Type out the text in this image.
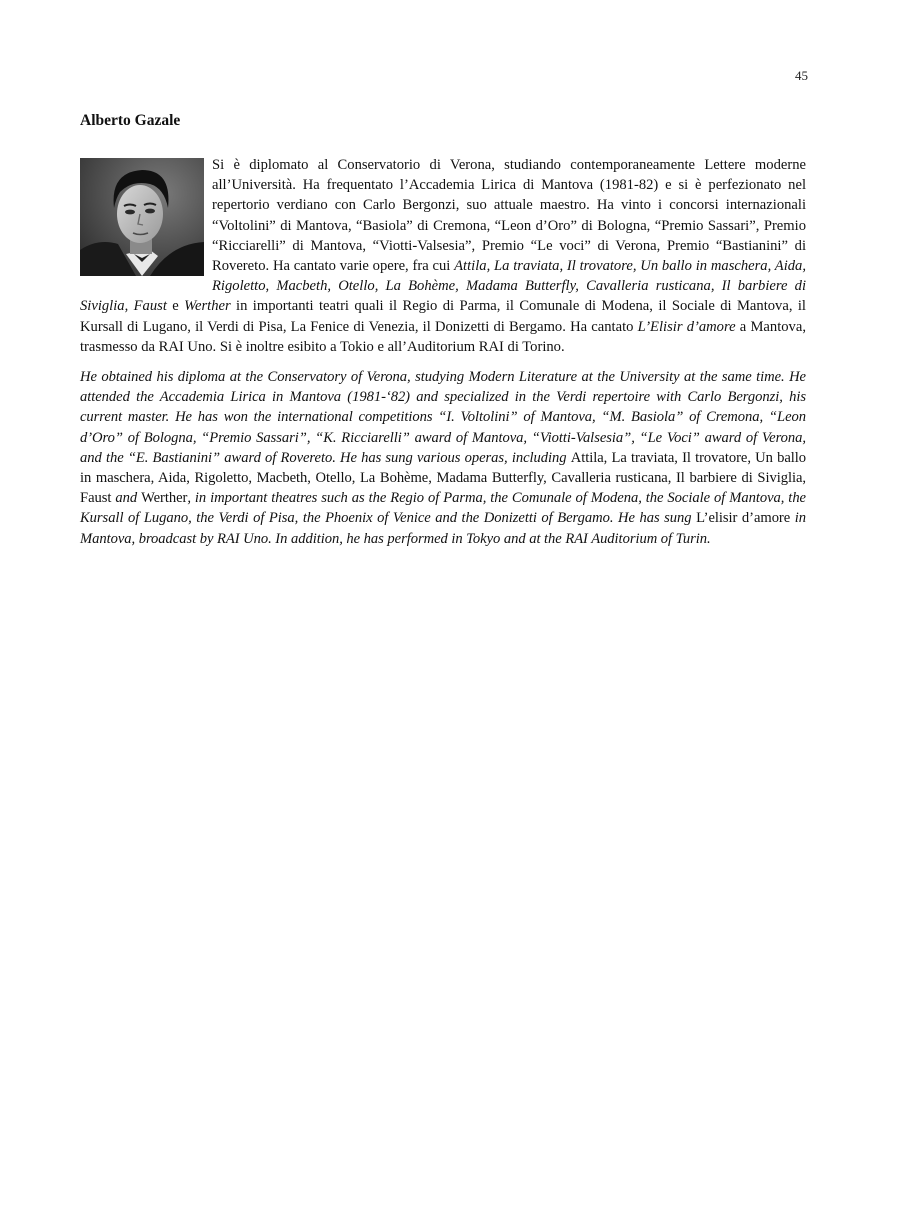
45
Alberto Gazale

Si è diplomato al Conservatorio di Verona, studiando contemporaneamente Lettere moderne all’Università. Ha frequentato l’Accademia Lirica di Mantova (1981-82) e si è perfezionato nel repertorio verdiano con Carlo Bergonzi, suo attuale maestro. Ha vinto i concorsi internazionali “Voltolini” di Mantova, “Basiola” di Cremona, “Leon d’Oro” di Bologna, “Premio Sassari”, Premio “Ricciarelli” di Mantova, “Viotti-Valsesia”, Premio “Le voci” di Verona, Premio “Bastianini” di Rovereto. Ha cantato varie opere, fra cui Attila, La traviata, Il trovatore, Un ballo in maschera, Aida, Rigoletto, Macbeth, Otello, La Bohème, Madama Butterfly, Cavalleria rusticana, Il barbiere di Siviglia, Faust e Werther in importanti teatri quali il Regio di Parma, il Comunale di Modena, il Sociale di Mantova, il Kursall di Lugano, il Verdi di Pisa, La Fenice di Venezia, il Donizetti di Bergamo. Ha cantato L’Elisir d’amore a Mantova, trasmesso da RAI Uno. Si è inoltre esibito a Tokio e all’Auditorium RAI di Torino.

He obtained his diploma at the Conservatory of Verona, studying Modern Literature at the University at the same time. He attended the Accademia Lirica in Mantova (1981-‘82) and specialized in the Verdi repertoire with Carlo Bergonzi, his current master. He has won the international competitions “I. Voltolini” of Mantova, “M. Basiola” of Cremona, “Leon d’Oro” of Bologna, “Premio Sassari”, “K. Ricciarelli” award of Mantova, “Viotti-Valsesia”, “Le Voci” award of Verona, and the “E. Bastianini” award of Rovereto. He has sung various operas, including Attila, La traviata, Il trovatore, Un ballo in maschera, Aida, Rigoletto, Macbeth, Otello, La Bohème, Madama Butterfly, Cavalleria rusticana, Il barbiere di Siviglia, Faust and Werther, in important theatres such as the Regio of Parma, the Comunale of Modena, the Sociale of Mantova, the Kursall of Lugano, the Verdi of Pisa, the Phoenix of Venice and the Donizetti of Bergamo. He has sung L’elisir d’amore in Mantova, broadcast by RAI Uno. In addition, he has performed in Tokyo and at the RAI Auditorium of Turin.
